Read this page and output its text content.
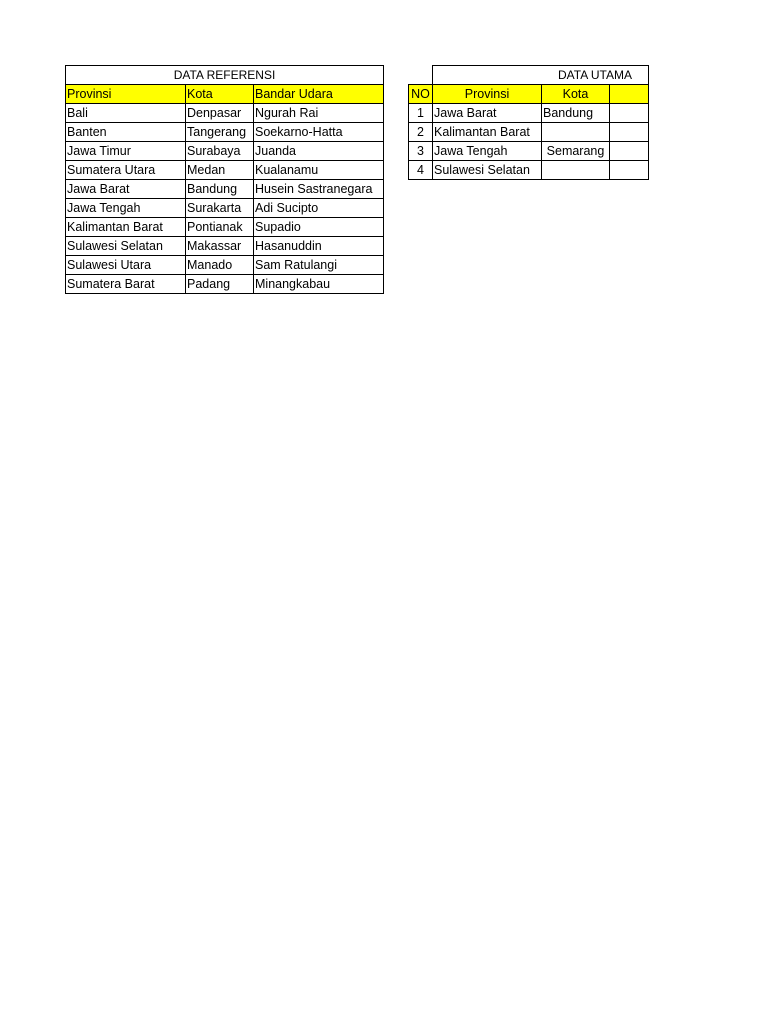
DATA REFERENSI		
Provinsi	Kota	Bandar Udara
Bali	Denpasar	Ngurah Rai
Banten	Tangerang	Soekarno-Hatta
Jawa Timur	Surabaya	Juanda
Sumatera Utara	Medan	Kualanamu
Jawa Barat	Bandung	Husein Sastranegara
Jawa Tengah	Surakarta	Adi Sucipto
Kalimantan Barat	Pontianak	Supadio
Sulawesi Selatan	Makassar	Hasanuddin
Sulawesi Utara	Manado	Sam Ratulangi
Sumatera Barat	Padang	Minangkabau
	DATA UTAMA		
NO	Provinsi	Kota	
1	Jawa Barat	Bandung	
2	Kalimantan Barat		
3	Jawa Tengah	Semarang	
4	Sulawesi Selatan		
